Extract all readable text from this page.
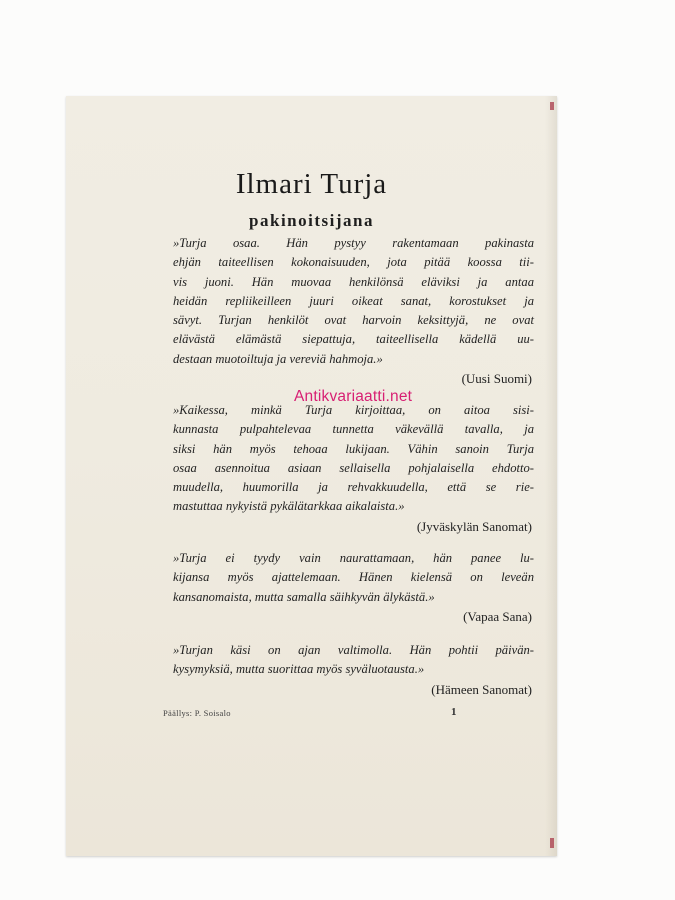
Ilmari Turja
pakinoitsijana
»Turja osaa. Hän pystyy rakentamaan pakinasta
ehjän taiteellisen kokonaisuuden, jota pitää koossa tii-
vis juoni. Hän muovaa henkilönsä eläviksi ja antaa
heidän repliikeilleen juuri oikeat sanat, korostukset ja
sävyt. Turjan henkilöt ovat harvoin keksittyjä, ne ovat
elävästä elämästä siepattuja, taiteellisella kädellä uu-
destaan muotoiltuja ja vereviä hahmoja.»
(Uusi Suomi)
»Kaikessa, minkä Turja kirjoittaa, on aitoa sisi-
kunnasta pulpahtelevaa tunnetta väkevällä tavalla, ja
siksi hän myös tehoaa lukijaan. Vähin sanoin Turja
osaa asennoitua asiaan sellaisella pohjalaisella ehdotto-
muudella, huumorilla ja rehvakkuudella, että se rie-
mastuttaa nykyistä pykälätarkkaa aikalaista.»
(Jyväskylän Sanomat)
»Turja ei tyydy vain naurattamaan, hän panee lu-
kijansa myös ajattelemaan. Hänen kielensä on leveän
kansanomaista, mutta samalla säihkyvän älykästä.»
(Vapaa Sana)
»Turjan käsi on ajan valtimolla. Hän pohtii päivän-
kysymyksiä, mutta suorittaa myös syväluotausta.»
(Hämeen Sanomat)
Päällys: P. Soisalo	1
Antikvariaatti.net
